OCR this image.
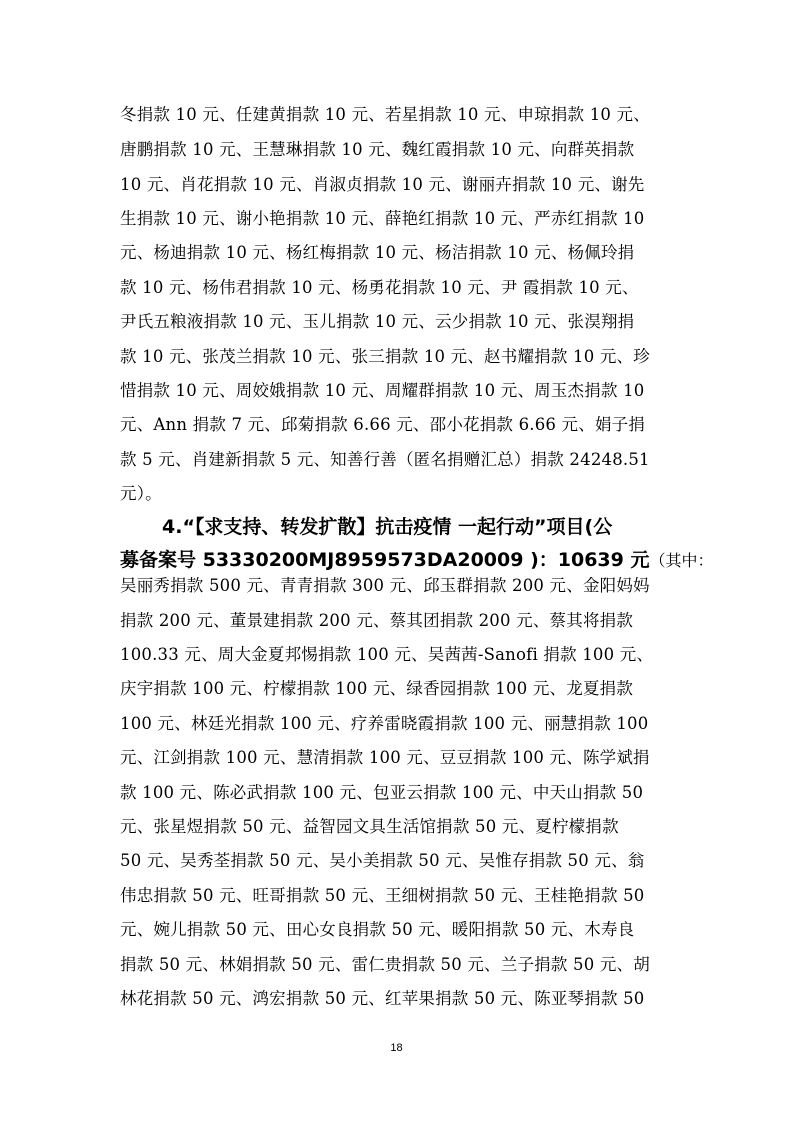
冬捐款 10 元、任建黄捐款 10 元、若星捐款 10 元、申琼捐款 10 元、
唐鹏捐款 10 元、王慧琳捐款 10 元、魏红霞捐款 10 元、向群英捐款
10 元、肖花捐款 10 元、肖淑贞捐款 10 元、谢丽卉捐款 10 元、谢先
生捐款 10 元、谢小艳捐款 10 元、薛艳红捐款 10 元、严赤红捐款 10
元、杨迪捐款 10 元、杨红梅捐款 10 元、杨洁捐款 10 元、杨佩玲捐
款 10 元、杨伟君捐款 10 元、杨勇花捐款 10 元、尹 霞捐款 10 元、
尹氏五粮液捐款 10 元、玉儿捐款 10 元、云少捐款 10 元、张淏翔捐
款 10 元、张茂兰捐款 10 元、张三捐款 10 元、赵书耀捐款 10 元、珍
惜捐款 10 元、周姣娥捐款 10 元、周耀群捐款 10 元、周玉杰捐款 10
元、Ann 捐款 7 元、邱菊捐款 6.66 元、邵小花捐款 6.66 元、娟子捐
款 5 元、肖建新捐款 5 元、知善行善（匿名捐赠汇总）捐款 24248.51
元）。
4.“【求支持、转发扩散】抗击疫情 一起行动”项目(公
募备案号 53330200MJ8959573DA20009 )：10639 元（其中：
吴丽秀捐款 500 元、青青捐款 300 元、邱玉群捐款 200 元、金阳妈妈
捐款 200 元、董景建捐款 200 元、蔡其团捐款 200 元、蔡其将捐款
100.33 元、周大金夏邦惕捐款 100 元、吴茜茜-Sanofi 捐款 100 元、
庆宇捐款 100 元、柠檬捐款 100 元、绿香园捐款 100 元、龙夏捐款
100 元、林廷光捐款 100 元、疗养雷晓霞捐款 100 元、丽慧捐款 100
元、江剑捐款 100 元、慧清捐款 100 元、豆豆捐款 100 元、陈学斌捐
款 100 元、陈必武捐款 100 元、包亚云捐款 100 元、中天山捐款 50
元、张星煜捐款 50 元、益智园文具生活馆捐款 50 元、夏柠檬捐款
50 元、吴秀荃捐款 50 元、吴小美捐款 50 元、吴惟存捐款 50 元、翁
伟忠捐款 50 元、旺哥捐款 50 元、王细树捐款 50 元、王桂艳捐款 50
元、婉儿捐款 50 元、田心女良捐款 50 元、暖阳捐款 50 元、木寿良
捐款 50 元、林娟捐款 50 元、雷仁贵捐款 50 元、兰子捐款 50 元、胡
林花捐款 50 元、鸿宏捐款 50 元、红苹果捐款 50 元、陈亚琴捐款 50
18
